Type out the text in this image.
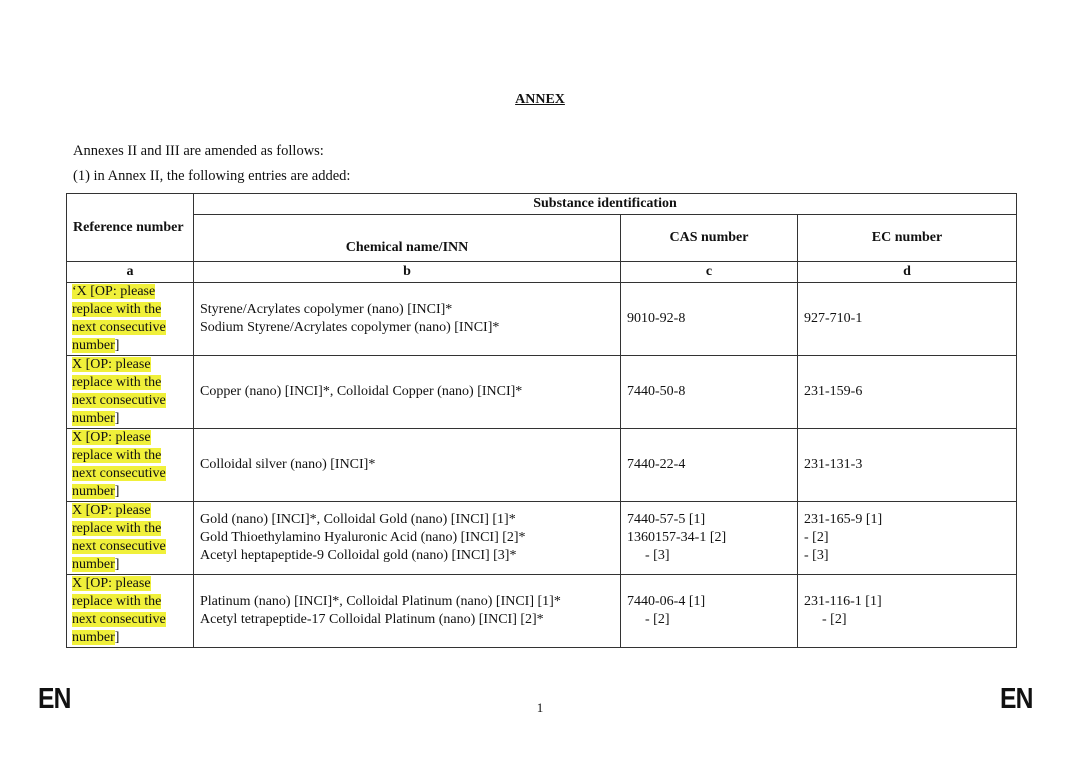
ANNEX
Annexes II and III are amended as follows:
(1) in Annex II, the following entries are added:
Reference number	Substance identification		
	Chemical name/INN	CAS number	EC number
a	b	c	d

‘X [OP: please
replace with the
next consecutive
number]	Styrene/Acrylates copolymer (nano) [INCI]*
Sodium Styrene/Acrylates copolymer (nano) [INCI]*	9010-92-8	927-710-1

X [OP: please
replace with the
next consecutive
number]	Copper (nano) [INCI]*, Colloidal Copper (nano) [INCI]*	7440-50-8	231-159-6

X [OP: please
replace with the
next consecutive
number]	Colloidal silver (nano) [INCI]*	7440-22-4	231-131-3

X [OP: please
replace with the
next consecutive
number]	Gold (nano) [INCI]*, Colloidal Gold (nano) [INCI] [1]*
Gold Thioethylamino Hyaluronic Acid (nano) [INCI] [2]*
Acetyl heptapeptide-9 Colloidal gold (nano) [INCI] [3]*	7440-57-5 [1]
1360157-34-1 [2]
- [3]	231-165-9 [1]
- [2]
- [3]

X [OP: please
replace with the
next consecutive
number]	Platinum (nano) [INCI]*, Colloidal Platinum (nano) [INCI] [1]*
Acetyl tetrapeptide-17 Colloidal Platinum (nano) [INCI] [2]*	7440-06-4 [1]
- [2]	231-116-1 [1]
- [2]
EN	1	EN
